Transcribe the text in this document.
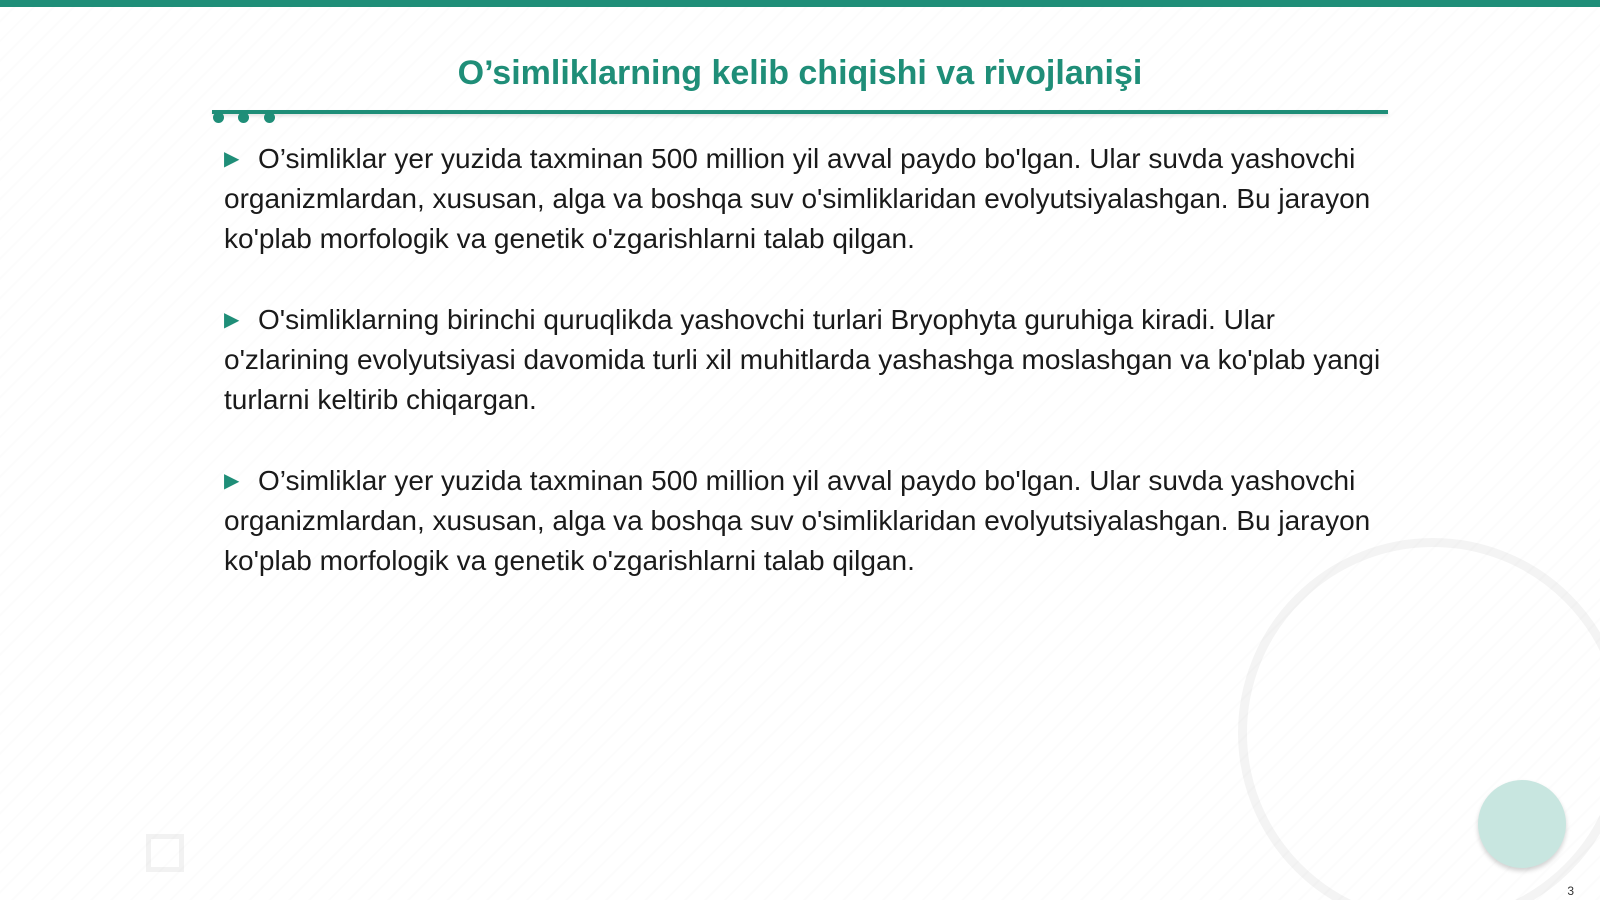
O’simliklarning kelib chiqishi va rivojlanişi

▶ O’simliklar yer yuzida taxminan 500 million yil avval paydo bo'lgan. Ular suvda yashovchi organizmlardan, xususan, alga va boshqa suv o'simliklaridan evolyutsiyalashgan. Bu jarayon ko'plab morfologik va genetik o'zgarishlarni talab qilgan.

▶ O'simliklarning birinchi quruqlikda yashovchi turlari Bryophyta guruhiga kiradi. Ular o'zlarining evolyutsiyasi davomida turli xil muhitlarda yashashga moslashgan va ko'plab yangi turlarni keltirib chiqargan.

▶ O’simliklar yer yuzida taxminan 500 million yil avval paydo bo'lgan. Ular suvda yashovchi organizmlardan, xususan, alga va boshqa suv o'simliklaridan evolyutsiyalashgan. Bu jarayon ko'plab morfologik va genetik o'zgarishlarni talab qilgan.

3
